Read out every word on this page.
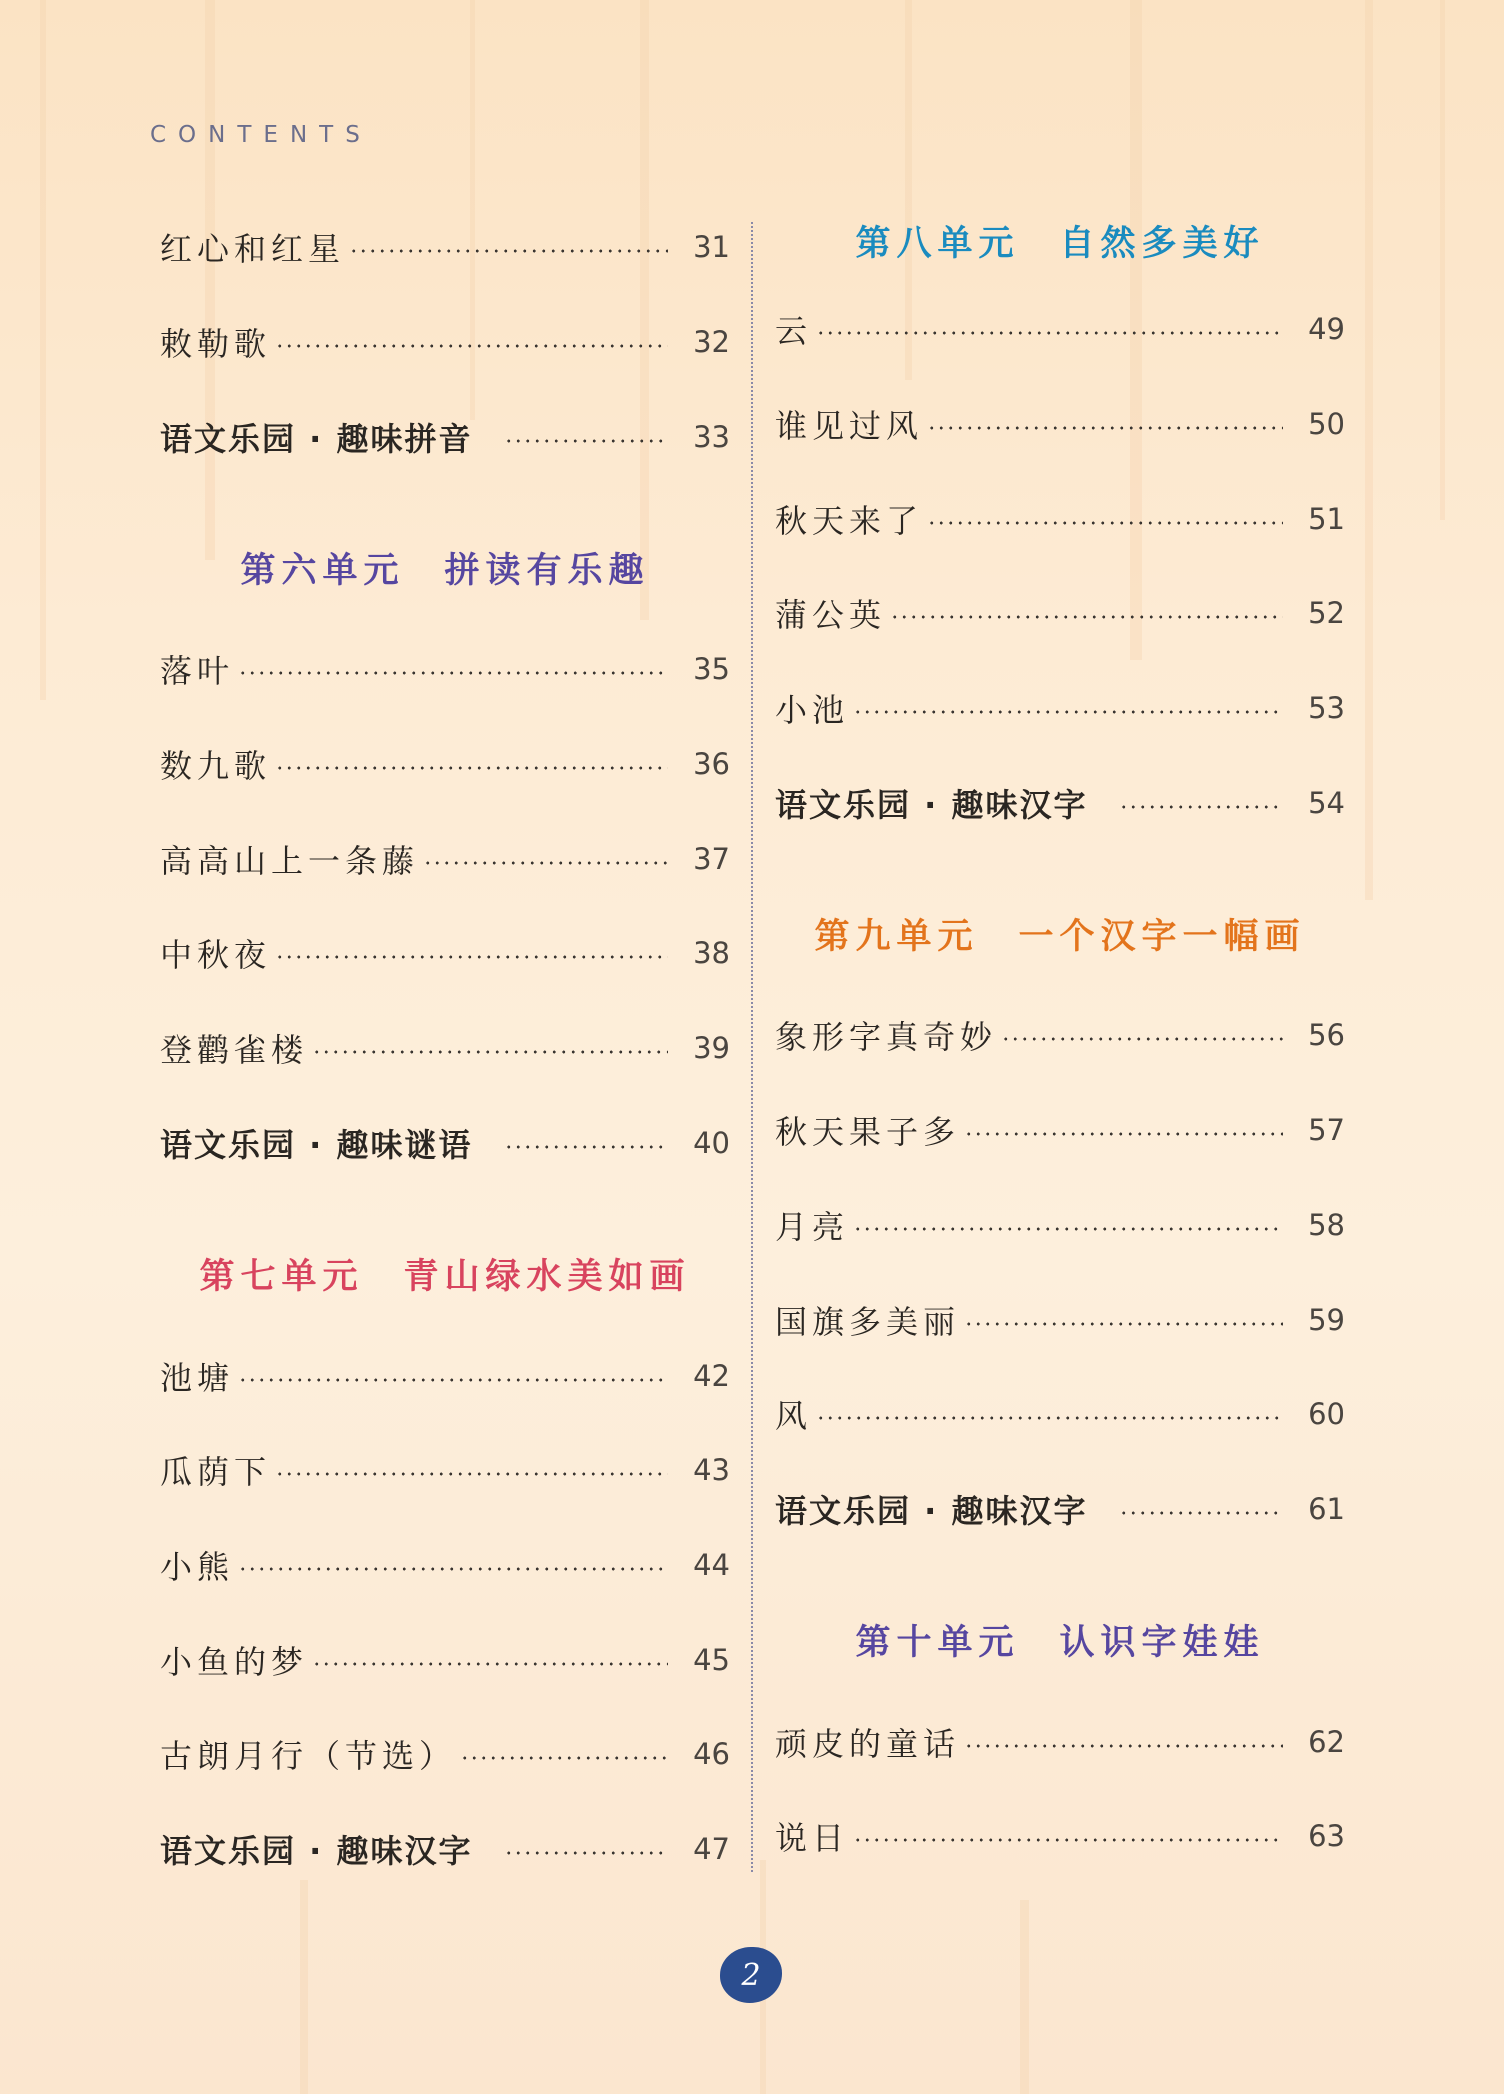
CONTENTS
红心和红星	31
敕勒歌	32
语文乐园 · 趣味拼音	33
第六单元 拼读有乐趣
落叶	35
数九歌	36
高高山上一条藤	37
中秋夜	38
登鹳雀楼	39
语文乐园 · 趣味谜语	40
第七单元 青山绿水美如画
池塘	42
瓜荫下	43
小熊	44
小鱼的梦	45
古朗月行（节选）	46
语文乐园 · 趣味汉字	47
第八单元 自然多美好
云	49
谁见过风	50
秋天来了	51
蒲公英	52
小池	53
语文乐园 · 趣味汉字	54
第九单元 一个汉字一幅画
象形字真奇妙	56
秋天果子多	57
月亮	58
国旗多美丽	59
风	60
语文乐园 · 趣味汉字	61
第十单元 认识字娃娃
顽皮的童话	62
说日	63
2
